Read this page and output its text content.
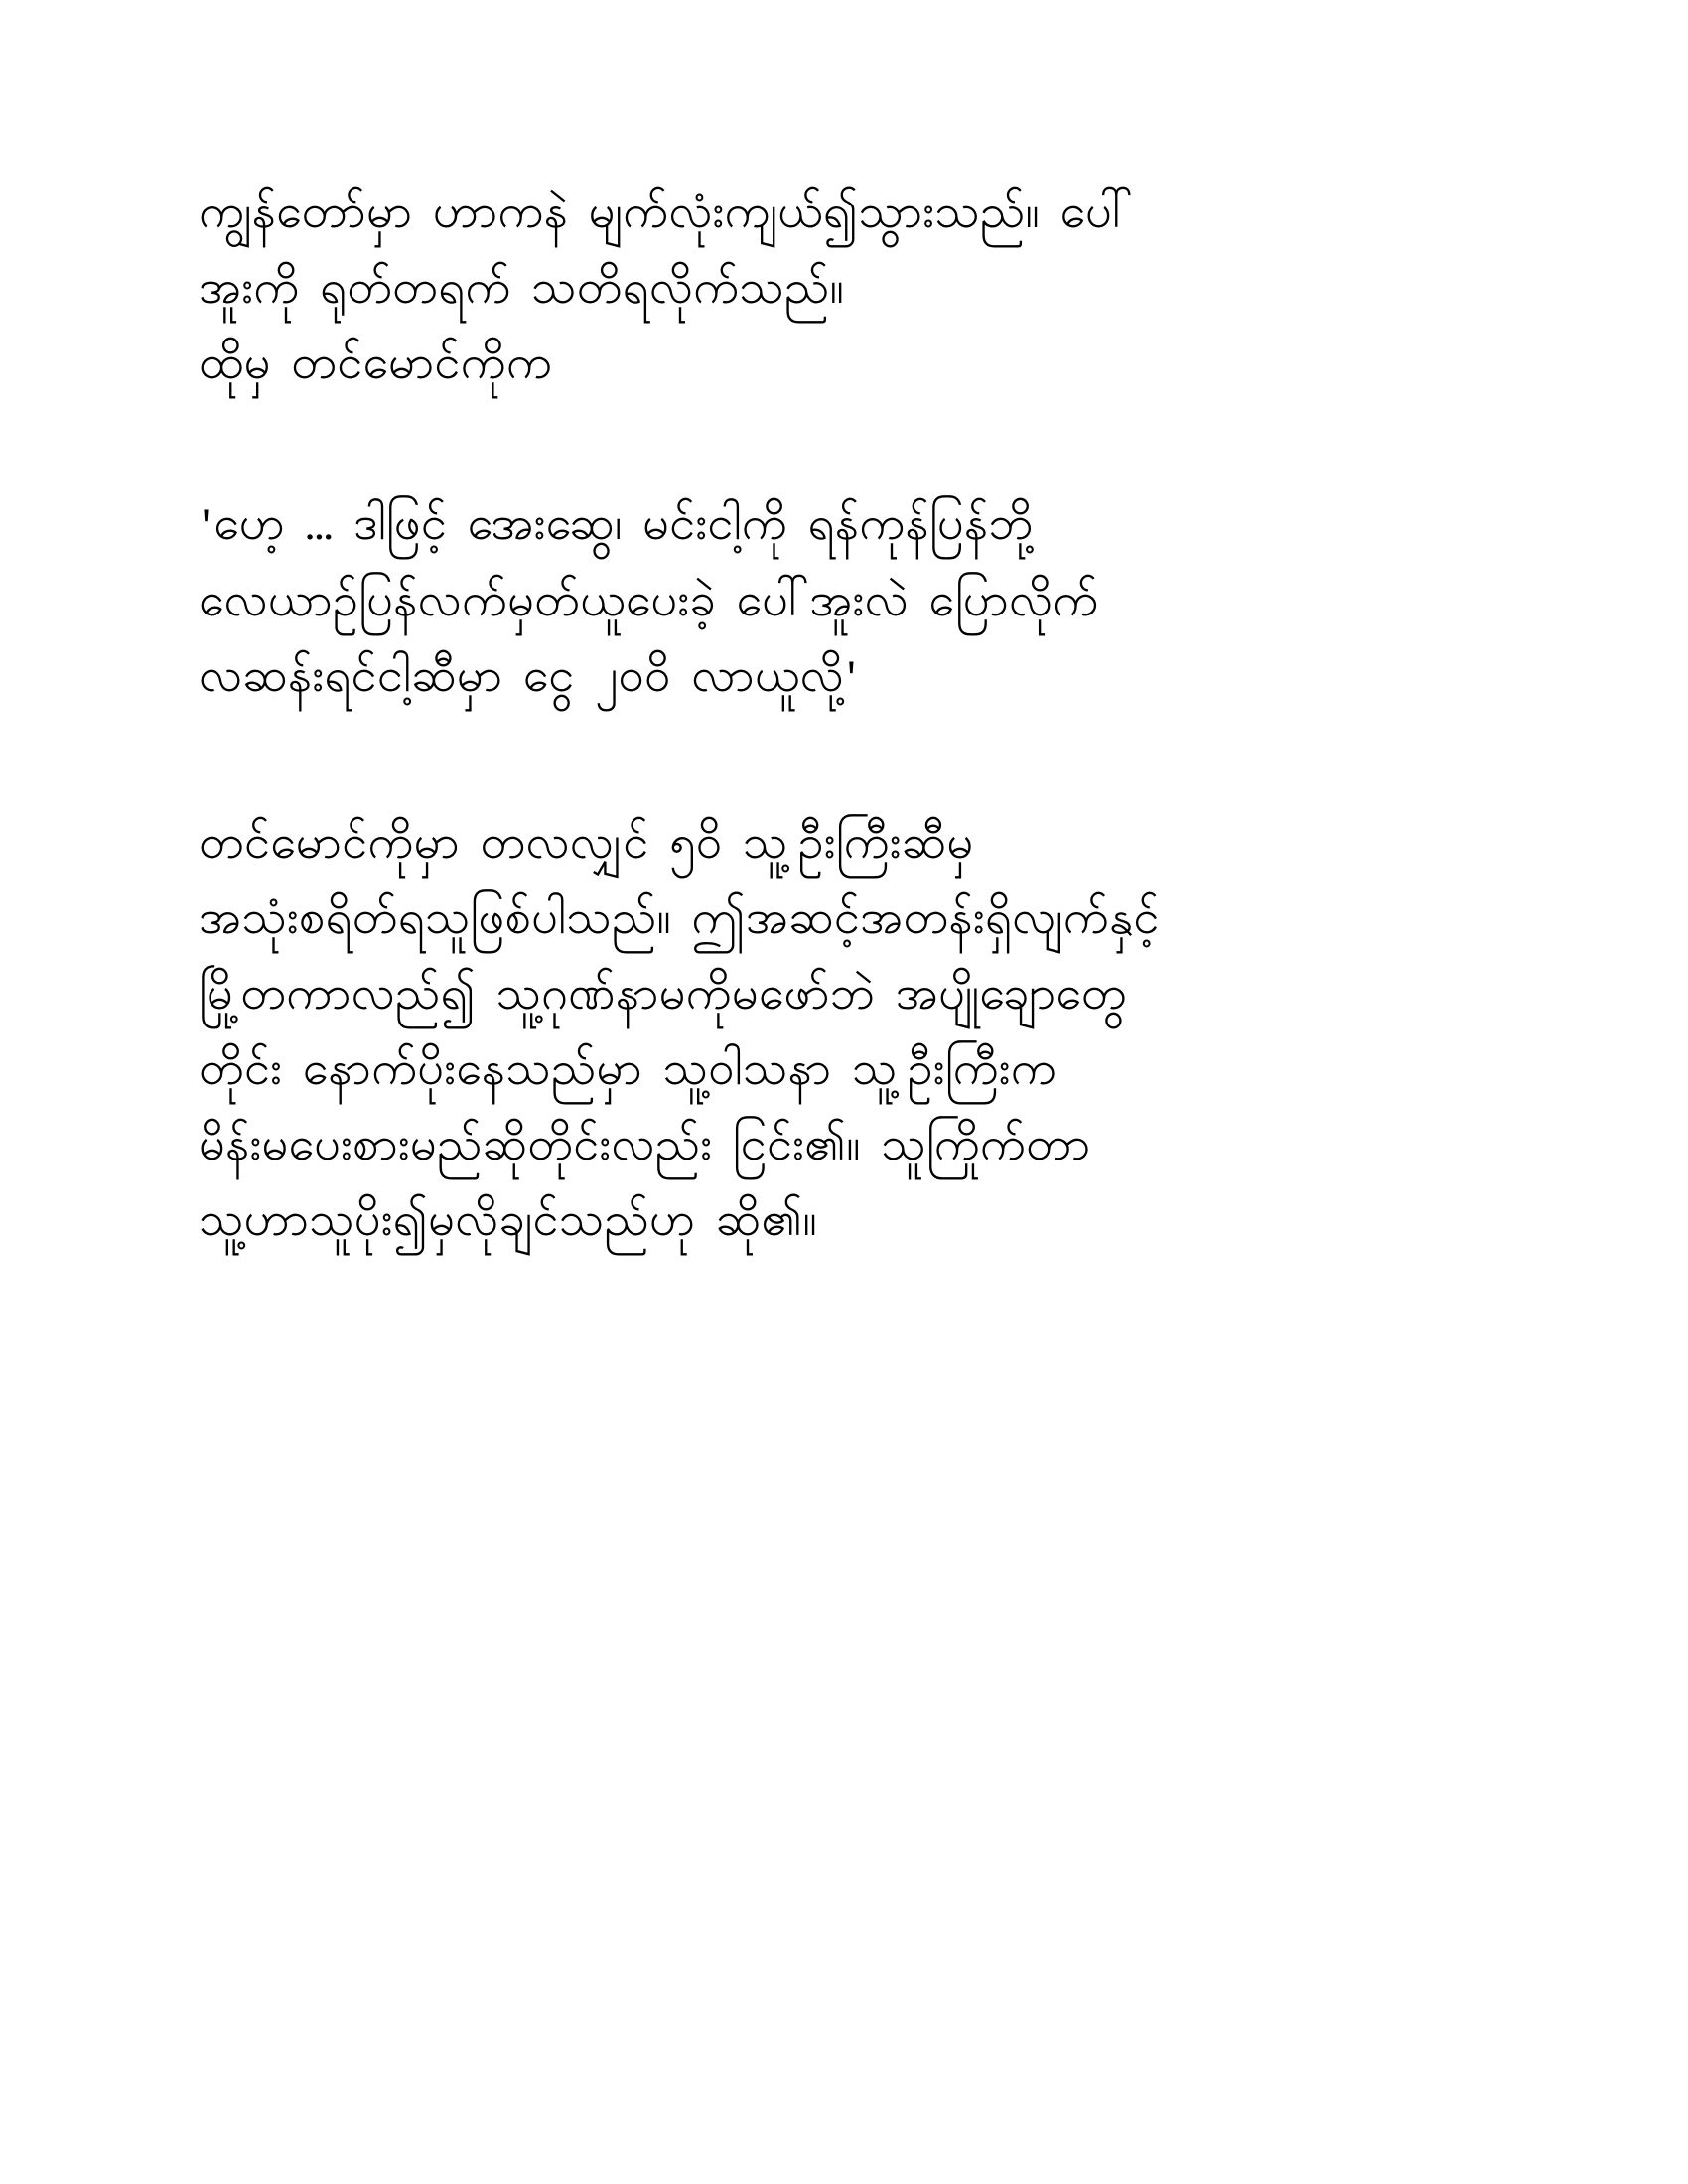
ကျွန်တော်မှာ ဟာကနဲ မျက်လုံးကျယ်၍သွားသည်။ ပေါ်
အူးကို ရုတ်တရက် သတိရလိုက်သည်။
ထိုမှ တင်မောင်ကိုက
'ဟေ့ ... ဒါဖြင့် အေးဆွေ၊ မင်းငါ့ကို ရန်ကုန်ပြန်ဘို့
လေယာဉ်ပြန်လက်မှတ်ယူပေးခဲ့ ပေါ်အူးလဲ ပြောလိုက်
လဆန်းရင်ငါ့ဆီမှာ ငွေ ၂၀၀ိ လာယူလို့'
တင်မောင်ကိုမှာ တလလျှင် ၅၀ိ သူ့ဦးကြီးဆီမှ
အသုံးစရိတ်ရသူဖြစ်ပါသည်။ ဤအဆင့်အတန်းရှိလျက်နှင့်
မြို့တကာလည်၍ သူ့ဂုဏ်နာမကိုမဖော်ဘဲ အပျိုချောတွေ
တိုင်း နောက်ပိုးနေသည်မှာ သူ့ဝါသနာ သူ့ဦးကြီးက
မိန်းမပေးစားမည်ဆိုတိုင်းလည်း ငြင်း၏။ သူကြိုက်တာ
သူ့ဟာသူပိုး၍မှလိုချင်သည်ဟု ဆို၏။
